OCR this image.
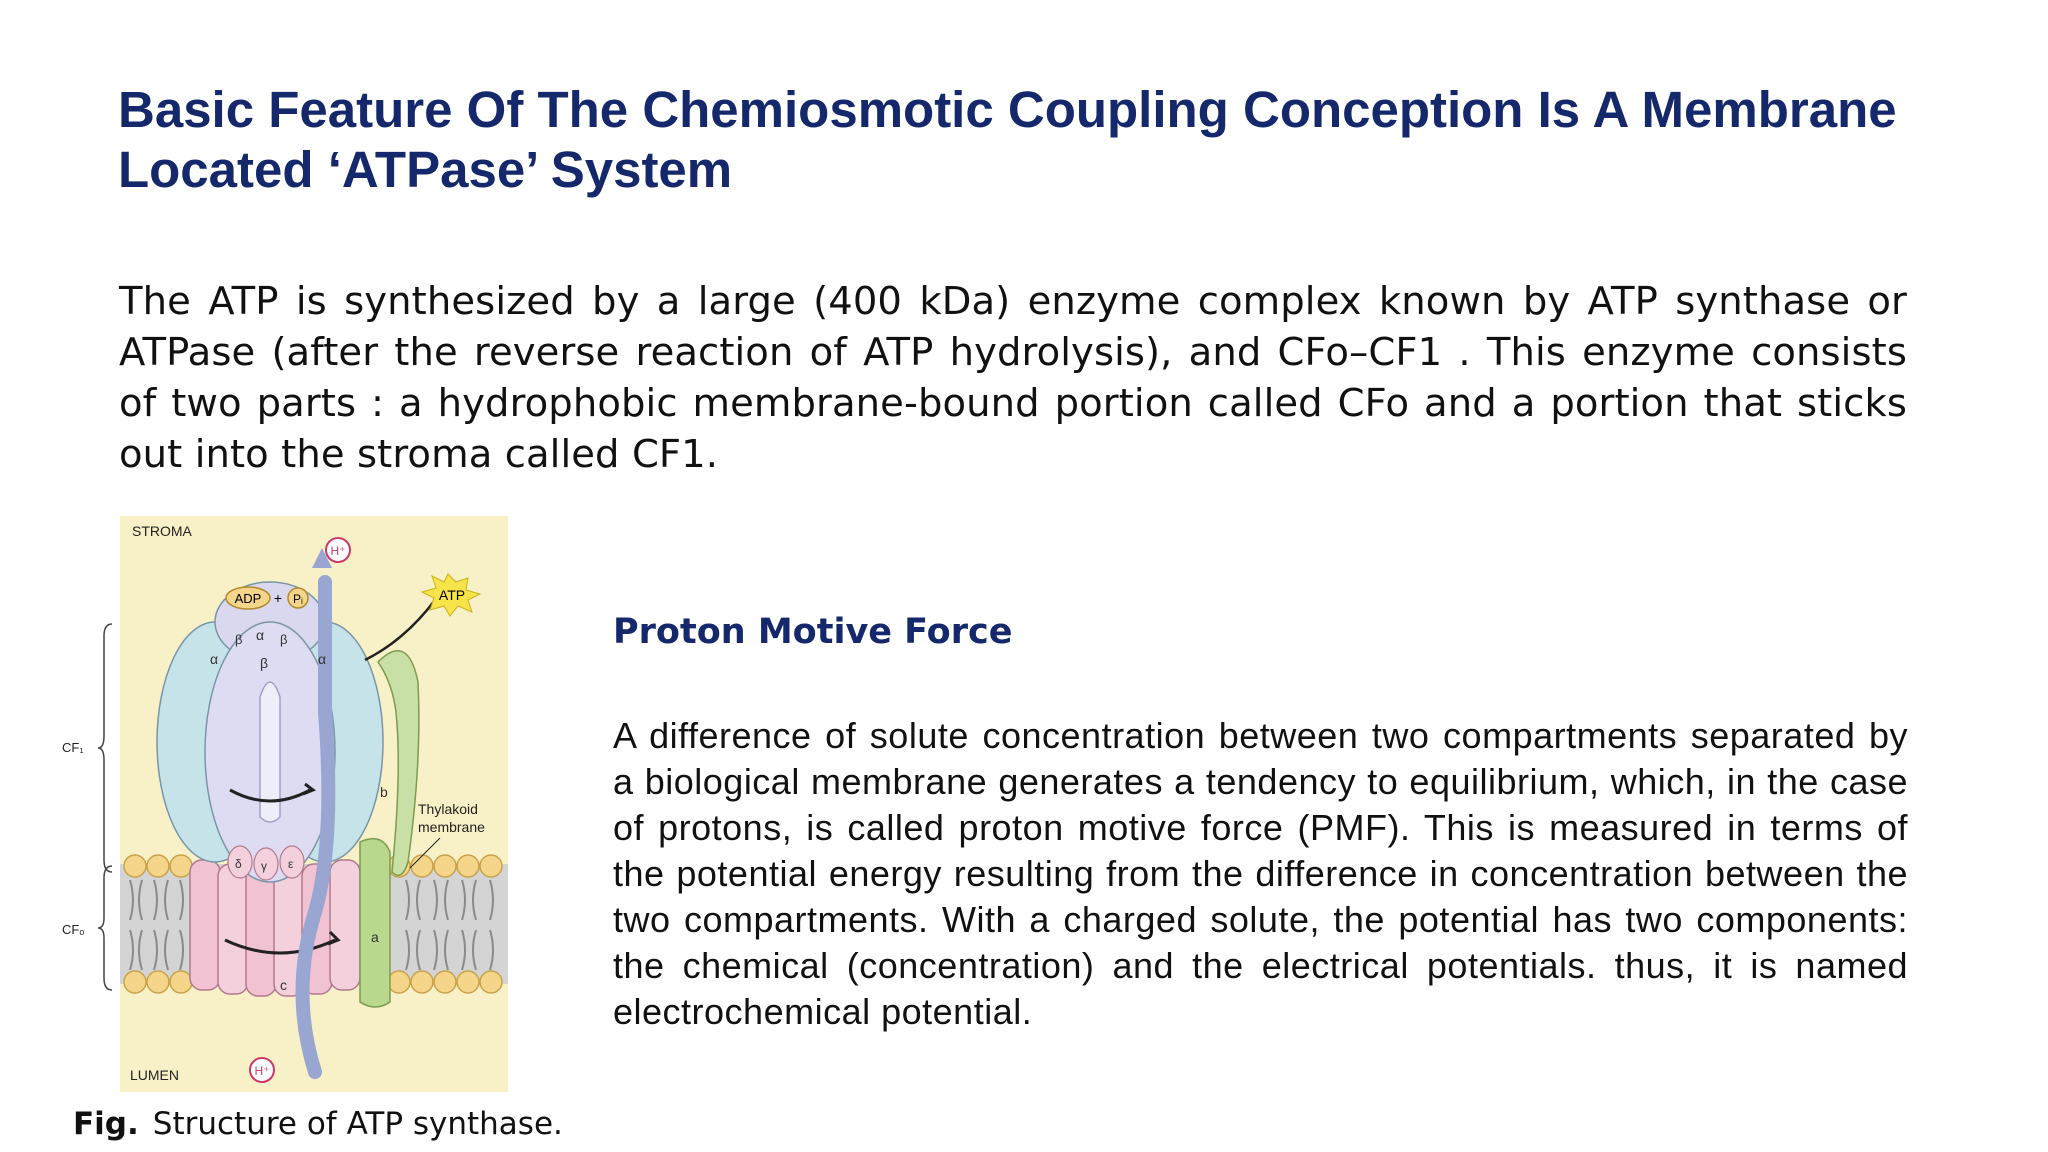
Basic Feature Of The Chemiosmotic Coupling Conception Is A Membrane Located ‘ATPase’ System

The ATP is synthesized by a large (400 kDa) enzyme complex known by ATP synthase or ATPase (after the reverse reaction of ATP hydrolysis), and CFo–CF1 . This enzyme consists of two parts : a hydrophobic membrane-bound portion called CFo and a portion that sticks out into the stroma called CF1.

ADP + Pᵢ	ATP
H⁺
H⁺
α	α
α
β	β
β
δ γ ε
a
b
c
STROMA
LUMEN
Thylakoid
membrane
CF₁
CFₒ
Fig. Structure of ATP synthase.
Proton Motive Force

A difference of solute concentration between two compartments separated by a biological membrane generates a tendency to equilibrium, which, in the case of protons, is called proton motive force (PMF). This is measured in terms of the potential energy resulting from the difference in concentration between the two compartments. With a charged solute, the potential has two components: the chemical (concentration) and the electrical potentials. thus, it is named electrochemical potential.
